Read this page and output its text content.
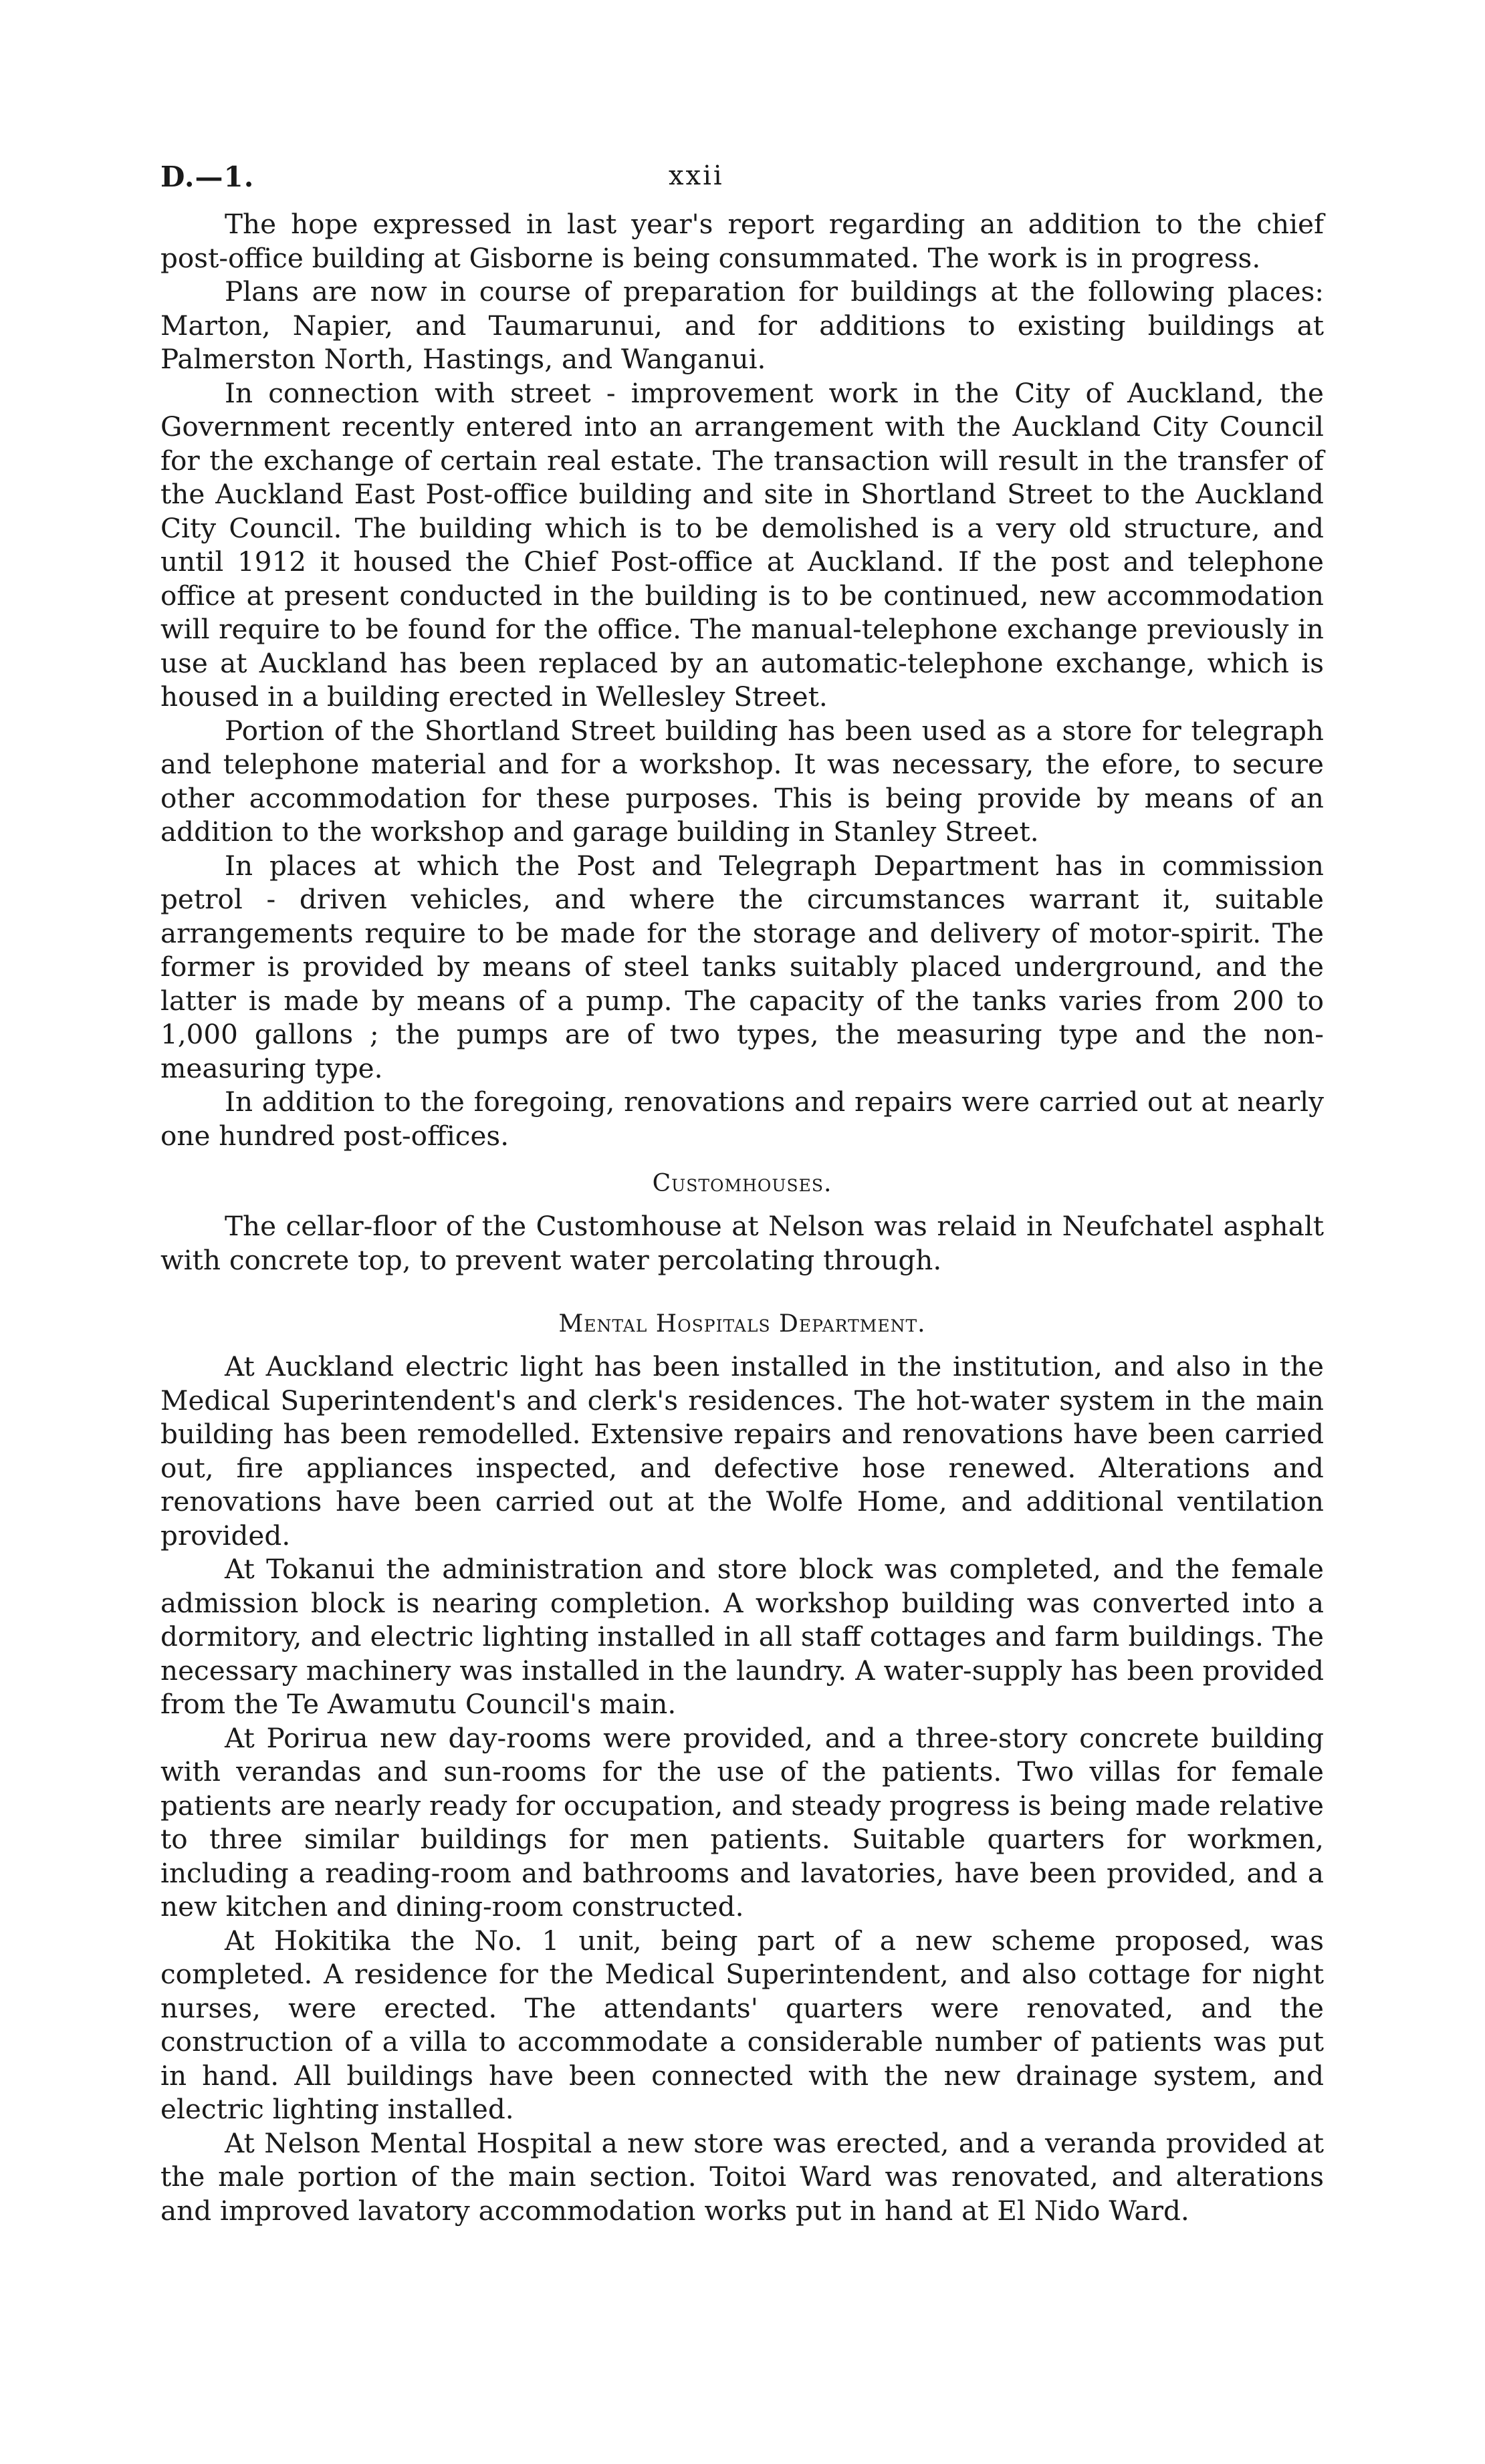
D.—1.	xxii

The hope expressed in last year's report regarding an addition to the chief post-office building at Gisborne is being consummated. The work is in progress.

Plans are now in course of preparation for buildings at the following places: Marton, Napier, and Taumarunui, and for additions to existing buildings at Palmerston North, Hastings, and Wanganui.

In connection with street - improvement work in the City of Auckland, the Government recently entered into an arrangement with the Auckland City Council for the exchange of certain real estate. The transaction will result in the transfer of the Auckland East Post-office building and site in Shortland Street to the Auckland City Council. The building which is to be demolished is a very old structure, and until 1912 it housed the Chief Post-office at Auckland. If the post and telephone office at present conducted in the building is to be continued, new accommodation will require to be found for the office. The manual-telephone exchange previously in use at Auckland has been replaced by an automatic-telephone exchange, which is housed in a building erected in Wellesley Street.

Portion of the Shortland Street building has been used as a store for telegraph and telephone material and for a workshop. It was necessary, the efore, to secure other accommodation for these purposes. This is being provide by means of an addition to the workshop and garage building in Stanley Street.

In places at which the Post and Telegraph Department has in commission petrol - driven vehicles, and where the circumstances warrant it, suitable arrangements require to be made for the storage and delivery of motor-spirit. The former is provided by means of steel tanks suitably placed underground, and the latter is made by means of a pump. The capacity of the tanks varies from 200 to 1,000 gallons ; the pumps are of two types, the measuring type and the non-measuring type.

In addition to the foregoing, renovations and repairs were carried out at nearly one hundred post-offices.

Customhouses.

The cellar-floor of the Customhouse at Nelson was relaid in Neufchatel asphalt with concrete top, to prevent water percolating through.

Mental Hospitals Department.

At Auckland electric light has been installed in the institution, and also in the Medical Superintendent's and clerk's residences. The hot-water system in the main building has been remodelled. Extensive repairs and renovations have been carried out, fire appliances inspected, and defective hose renewed. Alterations and renovations have been carried out at the Wolfe Home, and additional ventilation provided.

At Tokanui the administration and store block was completed, and the female admission block is nearing completion. A workshop building was converted into a dormitory, and electric lighting installed in all staff cottages and farm buildings. The necessary machinery was installed in the laundry. A water-supply has been provided from the Te Awamutu Council's main.

At Porirua new day-rooms were provided, and a three-story concrete building with verandas and sun-rooms for the use of the patients. Two villas for female patients are nearly ready for occupation, and steady progress is being made relative to three similar buildings for men patients. Suitable quarters for workmen, including a reading-room and bathrooms and lavatories, have been provided, and a new kitchen and dining-room constructed.

At Hokitika the No. 1 unit, being part of a new scheme proposed, was completed. A residence for the Medical Superintendent, and also cottage for night nurses, were erected. The attendants' quarters were renovated, and the construction of a villa to accommodate a considerable number of patients was put in hand. All buildings have been connected with the new drainage system, and electric lighting installed.

At Nelson Mental Hospital a new store was erected, and a veranda provided at the male portion of the main section. Toitoi Ward was renovated, and alterations and improved lavatory accommodation works put in hand at El Nido Ward.
